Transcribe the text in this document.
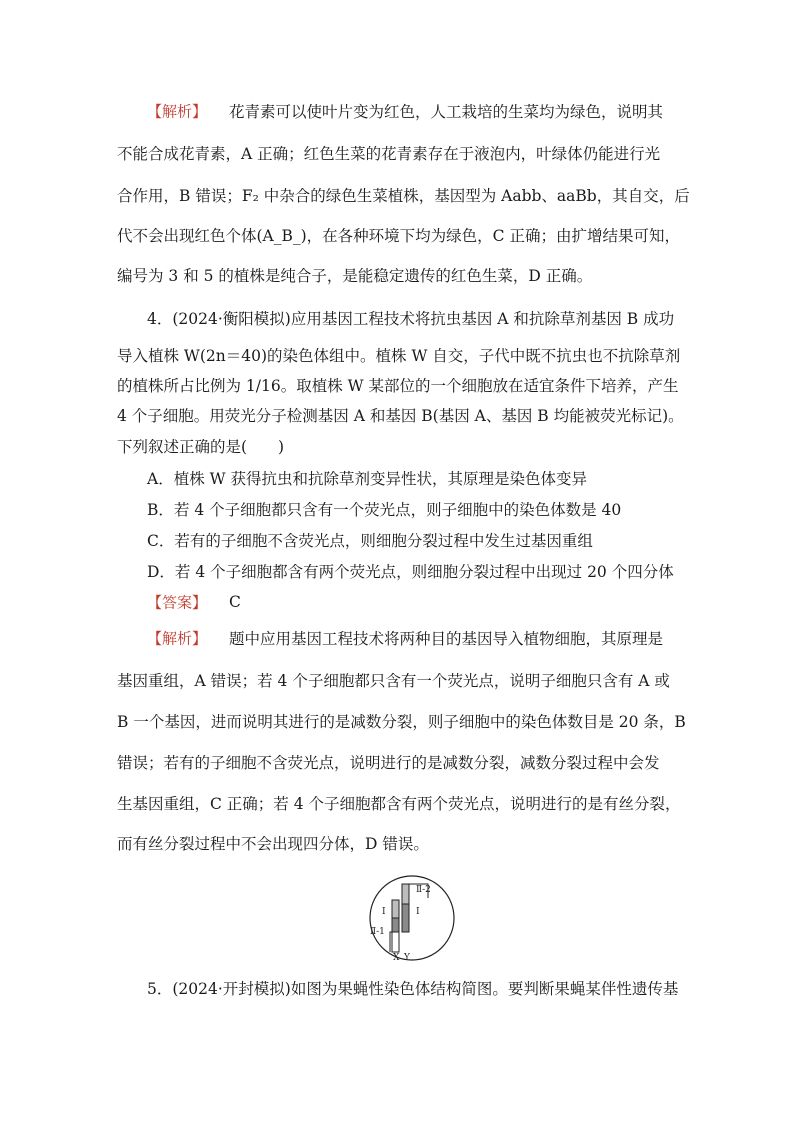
【解析】 花青素可以使叶片变为红色，人工栽培的生菜均为绿色，说明其
不能合成花青素，A 正确；红色生菜的花青素存在于液泡内，叶绿体仍能进行光
合作用，B 错误；F₂ 中杂合的绿色生菜植株，基因型为 Aabb、aaBb，其自交，后
代不会出现红色个体(A_B_)，在各种环境下均为绿色，C 正确；由扩增结果可知，
编号为 3 和 5 的植株是纯合子，是能稳定遗传的红色生菜，D 正确。
4．(2024·衡阳模拟)应用基因工程技术将抗虫基因 A 和抗除草剂基因 B 成功
导入植株 W(2n＝40)的染色体组中。植株 W 自交，子代中既不抗虫也不抗除草剂
的植株所占比例为 1/16。取植株 W 某部位的一个细胞放在适宜条件下培养，产生
4 个子细胞。用荧光分子检测基因 A 和基因 B(基因 A、基因 B 均能被荧光标记)。
下列叙述正确的是(　　)
A．植株 W 获得抗虫和抗除草剂变异性状，其原理是染色体变异
B．若 4 个子细胞都只含有一个荧光点，则子细胞中的染色体数是 40
C．若有的子细胞不含荧光点，则细胞分裂过程中发生过基因重组
D．若 4 个子细胞都含有两个荧光点，则细胞分裂过程中出现过 20 个四分体
【答案】 C
【解析】 题中应用基因工程技术将两种目的基因导入植物细胞，其原理是
基因重组，A 错误；若 4 个子细胞都只含有一个荧光点，说明子细胞只含有 A 或
B 一个基因，进而说明其进行的是减数分裂，则子细胞中的染色体数目是 20 条，B
错误；若有的子细胞不含荧光点，说明进行的是减数分裂，减数分裂过程中会发
生基因重组，C 正确；若 4 个子细胞都含有两个荧光点，说明进行的是有丝分裂，
而有丝分裂过程中不会出现四分体，D 错误。
Ⅱ-2
Ⅰ	Ⅰ
Ⅱ-1
X Y
5．(2024·开封模拟)如图为果蝇性染色体结构简图。要判断果蝇某伴性遗传基
